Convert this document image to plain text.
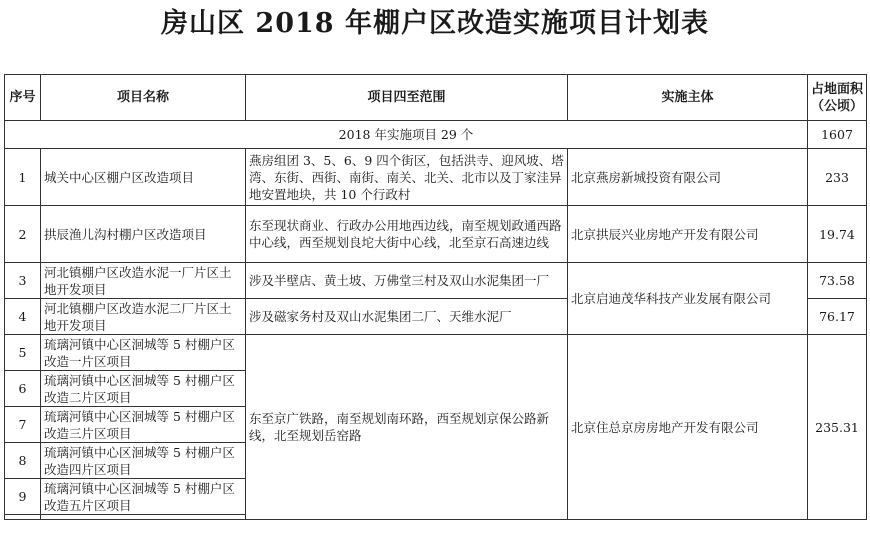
房山区 2018 年棚户区改造实施项目计划表
序号	项目名称	项目四至范围	实施主体	占地面积（公顷）
2018 年实施项目 29 个				1607
1	城关中心区棚户区改造项目	燕房组团 3、5、6、9 四个街区，包括洪寺、迎风坡、塔湾、东街、西街、南街、南关、北关、北市以及丁家洼异地安置地块，共 10 个行政村	北京燕房新城投资有限公司	233
2	拱辰渔儿沟村棚户区改造项目	东至现状商业、行政办公用地西边线，南至规划政通西路中心线，西至规划良坨大街中心线，北至京石高速边线	北京拱辰兴业房地产开发有限公司	19.74
3	河北镇棚户区改造水泥一厂片区土地开发项目	涉及半壁店、黄土坡、万佛堂三村及双山水泥集团一厂	北京启迪茂华科技产业发展有限公司	73.58
4	河北镇棚户区改造水泥二厂片区土地开发项目	涉及磁家务村及双山水泥集团二厂、天维水泥厂		76.17
5	琉璃河镇中心区洄城等 5 村棚户区改造一片区项目	东至京广铁路，南至规划南环路，西至规划京保公路新线，北至规划岳窑路	北京住总京房房地产开发有限公司	235.31
6	琉璃河镇中心区洄城等 5 村棚户区改造二片区项目			
7	琉璃河镇中心区洄城等 5 村棚户区改造三片区项目			
8	琉璃河镇中心区洄城等 5 村棚户区改造四片区项目			
9	琉璃河镇中心区洄城等 5 村棚户区改造五片区项目			
